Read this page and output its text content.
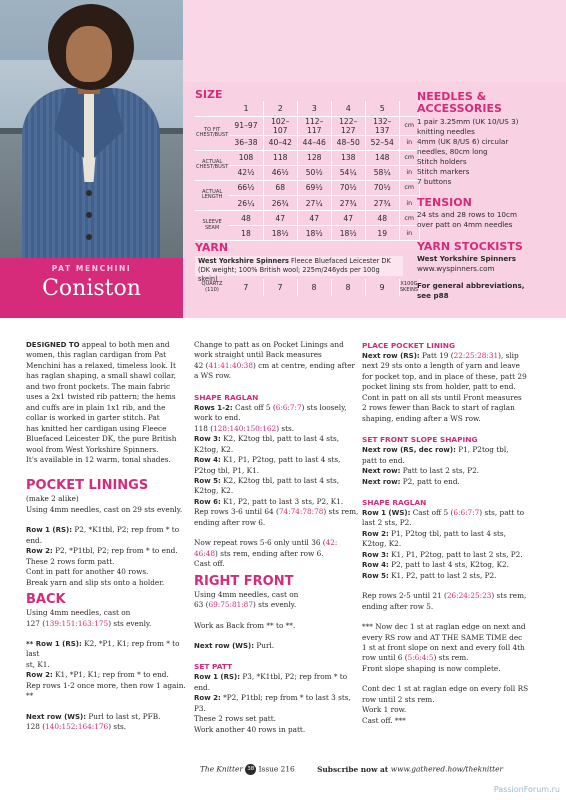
PAT MENCHINI
Coniston
SIZE
	1	2	3	4	5	
TO FIT CHEST/BUST	91–97	102–107	112–117	122–127	132–137	cm
	36–38	40–42	44–46	48–50	52–54	in
ACTUAL CHEST/BUST	108	118	128	138	148	cm
	42½	46½	50½	54¼	58¼	in
ACTUAL LENGTH	66½	68	69½	70½	70½	cm
	26¼	26¾	27¼	27¾	27¾	in
SLEEVE SEAM	48	47	47	47	48	cm
	18	18½	18½	18½	19	in
YARN
West Yorkshire Spinners Fleece Bluefaced Leicester DK
(DK weight; 100% British wool; 225m/246yds per 100g skein)
QUARTZ (110)	7	7	8	8	9	X100G SKEINS
NEEDLES &
ACCESSORIES
1 pair 3.25mm (UK 10/US 3)
knitting needles
4mm (UK 8/US 6) circular
needles, 80cm long
Stitch holders
Stitch markers
7 buttons
TENSION
24 sts and 28 rows to 10cm
over patt on 4mm needles
YARN STOCKISTS
West Yorkshire Spinners
www.wyspinners.com
For general abbreviations,
see p88

DESIGNED TO appeal to both men and

women, this raglan cardigan from Pat

Menchini has a relaxed, timeless look. It

has raglan shaping, a small shawl collar,

and two front pockets. The main fabric

uses a 2x1 twisted rib pattern; the hems

and cuffs are in plain 1x1 rib, and the

collar is worked in garter stitch. Pat

has knitted her cardigan using Fleece

Bluefaced Leicester DK, the pure British

wool from West Yorkshire Spinners.

It's available in 12 warm, tonal shades.

POCKET LININGS

(make 2 alike)

Using 4mm needles, cast on 29 sts evenly.

Row 1 (RS): P2, *K1tbl, P2; rep from * to

end.

Row 2: P2, *P1tbl, P2; rep from * to end.

These 2 rows form patt.

Cont in patt for another 40 rows.

Break yarn and slip sts onto a holder.

BACK

Using 4mm needles, cast on

127 (139:151:163:175) sts evenly.

** Row 1 (RS): K2, *P1, K1; rep from * to last

st, K1.

Row 2: K1, *P1, K1; rep from * to end.

Rep rows 1-2 once more, then row 1 again.

**

Next row (WS): Purl to last st, PFB.

128 (140:152:164:176) sts.

Change to patt as on Pocket Linings and

work straight until Back measures

42 (41:41:40:38) cm at centre, ending after

a WS row.

SHAPE RAGLAN

Rows 1-2: Cast off 5 (6:6:7:7) sts loosely,

work to end.

118 (128:140:150:162) sts.

Row 3: K2, K2tog tbl, patt to last 4 sts,

K2tog, K2.

Row 4: K1, P1, P2tog, patt to last 4 sts,

P2tog tbl, P1, K1.

Row 5: K2, K2tog tbl, patt to last 4 sts,

K2tog, K2.

Row 6: K1, P2, patt to last 3 sts, P2, K1.

Rep rows 3-6 until 64 (74:74:78:78) sts rem,

ending after row 6.

Now repeat rows 5-6 only until 36 (42:

46:48) sts rem, ending after row 6.

Cast off.

RIGHT FRONT

Using 4mm needles, cast on

63 (69:75:81:87) sts evenly.

Work as Back from ** to **.

Next row (WS): Purl.

SET PATT

Row 1 (RS): P3, *K1tbl, P2; rep from * to

end.

Row 2: *P2, P1tbl; rep from * to last 3 sts, P3.

These 2 rows set patt.

Work another 40 rows in patt.

PLACE POCKET LINING

Next row (RS): Patt 19 (22:25:28:31), slip

next 29 sts onto a length of yarn and leave

for pocket top, and in place of these, patt 29

pocket lining sts from holder, patt to end.

Cont in patt on all sts until Front measures

2 rows fewer than Back to start of raglan

shaping, ending after a WS row.

SET FRONT SLOPE SHAPING

Next row (RS, dec row): P1, P2tog tbl,

patt to end.

Next row: Patt to last 2 sts, P2.

Next row: P2, patt to end.

SHAPE RAGLAN

Row 1 (WS): Cast off 5 (6:6:7:7) sts, patt to

last 2 sts, P2.

Row 2: P1, P2tog tbl, patt to last 4 sts,

K2tog, K2.

Row 3: K1, P1, P2tog, patt to last 2 sts, P2.

Row 4: P2, patt to last 4 sts, K2tog, K2.

Row 5: K1, P2, patt to last 2 sts, P2.

Rep rows 2-5 until 21 (26:24:25:23) sts rem,

ending after row 5.

*** Now dec 1 st at raglan edge on next and

every RS row and AT THE SAME TIME dec

1 st at front slope on next and every foll 4th

row until 6 (5:6:4:5) sts rem.

Front slope shaping is now complete.

Cont dec 1 st at raglan edge on every foll RS

row until 2 sts rem.

Work 1 row.

Cast off. ***

The Knitter 38 Issue 216	Subscribe now at www.gathered.how/theknitter
PassionForum.ru
